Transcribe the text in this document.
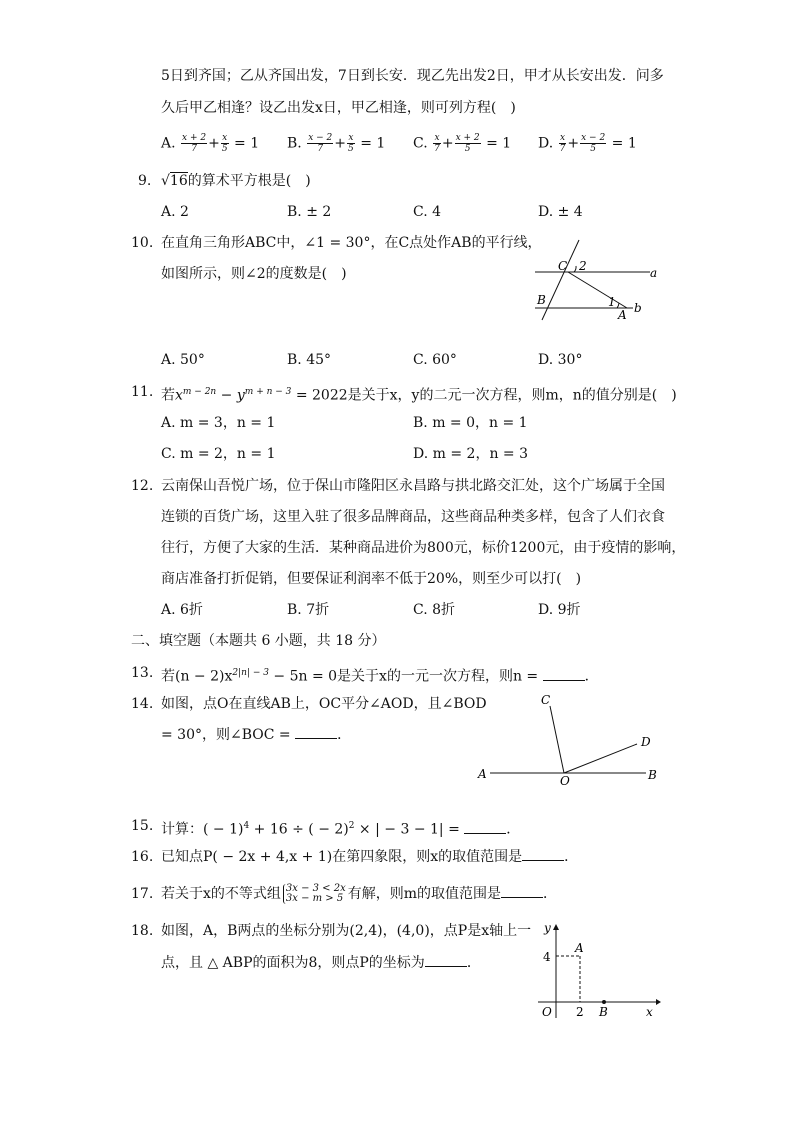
5日到齐国；乙从齐国出发，7日到长安．现乙先出发2日，甲才从长安出发．问多
久后甲乙相逢？设乙出发x日，甲乙相逢，则可列方程(　)
A. $\frac{x + 2}{7} + \frac{x}{5} = 1$ B. $\frac{x - 2}{7} + \frac{x}{5} = 1$ C. $\frac{x}{7} + \frac{x + 2}{5} = 1$ D. $\frac{x}{7} + \frac{x - 2}{5} = 1$
9. √16的算术平方根是(　)
A. 2	B. ± 2	C. 4	D. ± 4
10. 在直角三角形ABC中，∠1 = 30°，在C点处作AB的平行线，
如图所示，则∠2的度数是(　)	C 2	a
B	1
A b
A. 50°	B. 45°	C. 60°	D. 30°
11. 若$x^{m - 2n} - y^{m + n - 3} = 2022$是关于x，y的二元一次方程，则m，n的值分别是(　)
A. m = 3，n = 1	B. m = 0，n = 1
C. m = 2，n = 1	D. m = 2，n = 3
12. 云南保山吾悦广场，位于保山市隆阳区永昌路与拱北路交汇处，这个广场属于全国
连锁的百货广场，这里入驻了很多品牌商品，这些商品种类多样，包含了人们衣食
往行，方便了大家的生活．某种商品进价为800元，标价1200元，由于疫情的影响，
商店准备打折促销，但要保证利润率不低于20%，则至少可以打(　)
A. 6折	B. 7折	C. 8折	D. 9折
二、填空题（本题共 6 小题，共 18 分）
13. 若$(n - 2)x^{2|n| - 3} - 5n = 0$是关于x的一元一次方程，则n =	．
14. 如图，点O在直线AB上，OC平分∠AOD，且∠BOD
= 30°，则∠BOC =	．
C
D
A	O	B
15. 计算：( − 1)$^4$ + 16 ÷ ( − 2)$^2$ × | − 3 − 1| =	．
16. 已知点P( − 2x + 4,x + 1)在第四象限，则x的取值范围是	．
17. 若关于x的不等式组 3x − 3 < 2x
3x − m > 5 有解，则m的取值范围是	．
18. 如图，A，B两点的坐标分别为(2,4)，(4,0)，点P是x轴上一
点，且 △ ABP的面积为8，则点P的坐标为	．
y
A
4
O 2 B	x
